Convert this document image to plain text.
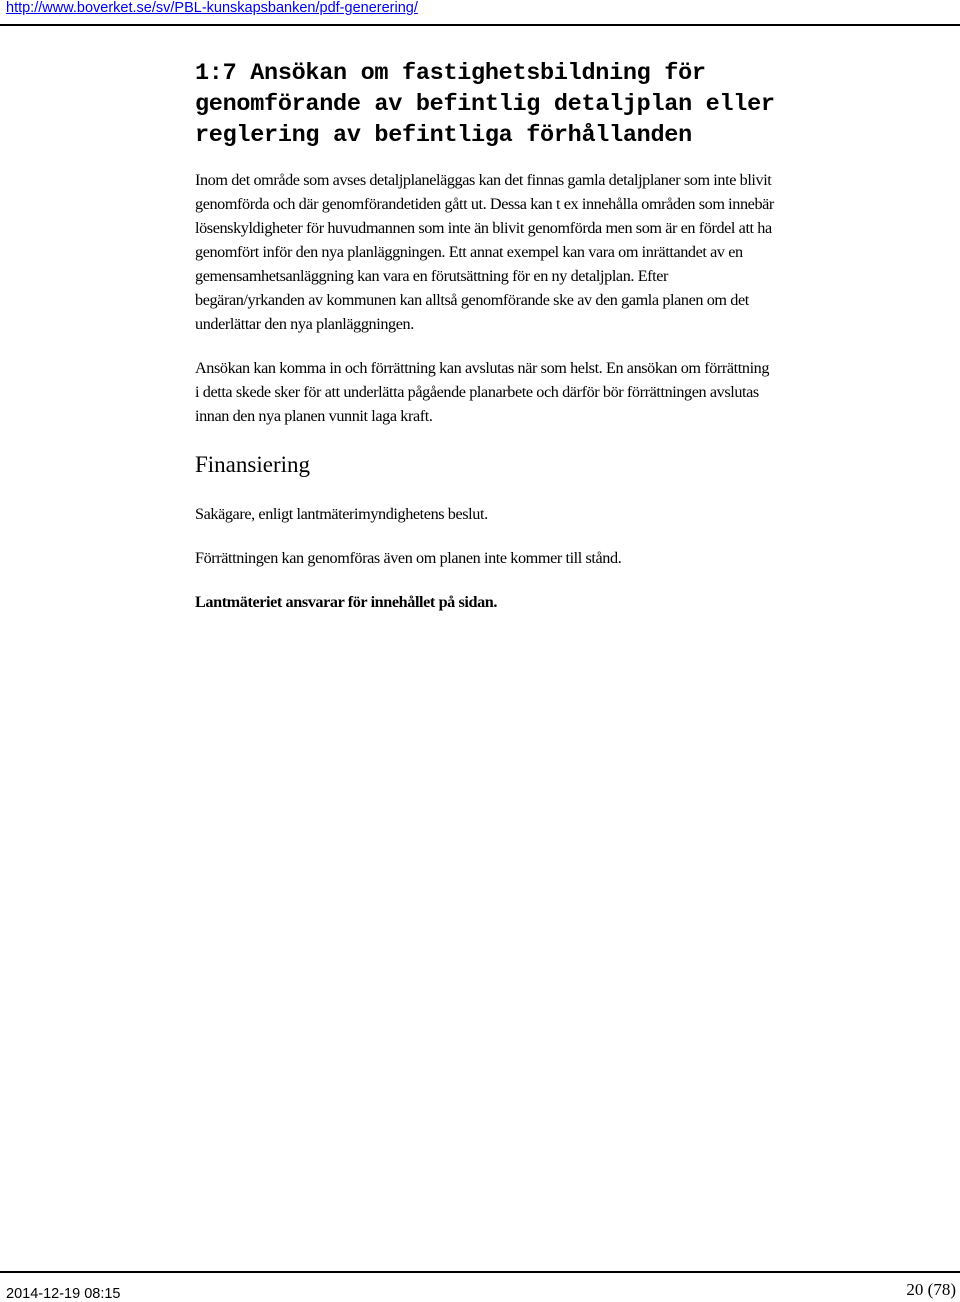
http://www.boverket.se/sv/PBL-kunskapsbanken/pdf-generering/
1:7 Ansökan om fastighetsbildning för
genomförande av befintlig detaljplan eller
reglering av befintliga förhållanden

Inom det område som avses detaljplaneläggas kan det finnas gamla detaljplaner som inte blivit genomförda och där genomförandetiden gått ut. Dessa kan t ex innehålla områden som innebär lösenskyldigheter för huvudmannen som inte än blivit genomförda men som är en fördel att ha genomfört inför den nya planläggningen. Ett annat exempel kan vara om inrättandet av en gemensamhetsanläggning kan vara en förutsättning för en ny detaljplan. Efter begäran/yrkanden av kommunen kan alltså genomförande ske av den gamla planen om det underlättar den nya planläggningen.

Ansökan kan komma in och förrättning kan avslutas när som helst. En ansökan om förrättning i detta skede sker för att underlätta pågående planarbete och därför bör förrättningen avslutas innan den nya planen vunnit laga kraft.

Finansiering

Sakägare, enligt lantmäterimyndighetens beslut.

Förrättningen kan genomföras även om planen inte kommer till stånd.

Lantmäteriet ansvarar för innehållet på sidan.

2014-12-19 08:15	20 (78)
